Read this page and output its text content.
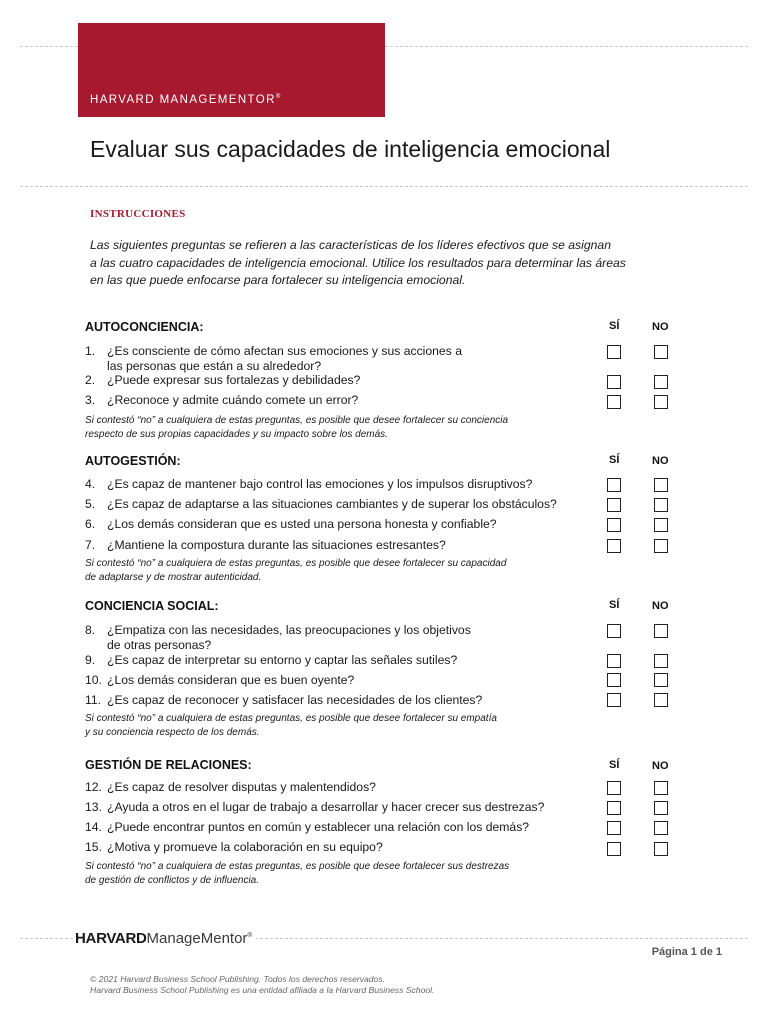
HARVARD MANAGEMENTOR®
Evaluar sus capacidades de inteligencia emocional
INSTRUCCIONES
Las siguientes preguntas se refieren a las características de los líderes efectivos que se asignan
a las cuatro capacidades de inteligencia emocional. Utilice los resultados para determinar las áreas
en las que puede enfocarse para fortalecer su inteligencia emocional.
AUTOCONCIENCIA:	SÍ	NO
1. ¿Es consciente de cómo afectan sus emociones y sus acciones a
las personas que están a su alrededor?
2. ¿Puede expresar sus fortalezas y debilidades?
3. ¿Reconoce y admite cuándo comete un error?
Si contestó “no” a cualquiera de estas preguntas, es posible que desee fortalecer su conciencia
respecto de sus propias capacidades y su impacto sobre los demás.
AUTOGESTIÓN:	SÍ	NO
4. ¿Es capaz de mantener bajo control las emociones y los impulsos disruptivos?
5. ¿Es capaz de adaptarse a las situaciones cambiantes y de superar los obstáculos?
6. ¿Los demás consideran que es usted una persona honesta y confiable?
7. ¿Mantiene la compostura durante las situaciones estresantes?
Si contestó “no” a cualquiera de estas preguntas, es posible que desee fortalecer su capacidad
de adaptarse y de mostrar autenticidad.
CONCIENCIA SOCIAL:	SÍ	NO
8. ¿Empatiza con las necesidades, las preocupaciones y los objetivos
de otras personas?
9. ¿Es capaz de interpretar su entorno y captar las señales sutiles?
10. ¿Los demás consideran que es buen oyente?
11. ¿Es capaz de reconocer y satisfacer las necesidades de los clientes?
Si contestó “no” a cualquiera de estas preguntas, es posible que desee fortalecer su empatía
y su conciencia respecto de los demás.
GESTIÓN DE RELACIONES:	SÍ	NO
12. ¿Es capaz de resolver disputas y malentendidos?
13. ¿Ayuda a otros en el lugar de trabajo a desarrollar y hacer crecer sus destrezas?
14. ¿Puede encontrar puntos en común y establecer una relación con los demás?
15. ¿Motiva y promueve la colaboración en su equipo?
Si contestó “no” a cualquiera de estas preguntas, es posible que desee fortalecer sus destrezas
de gestión de conflictos y de influencia.
HARVARDManageMentor®
Página 1 de 1
© 2021 Harvard Business School Publishing. Todos los derechos reservados.
Harvard Business School Publishing es una entidad afiliada a la Harvard Business School.
